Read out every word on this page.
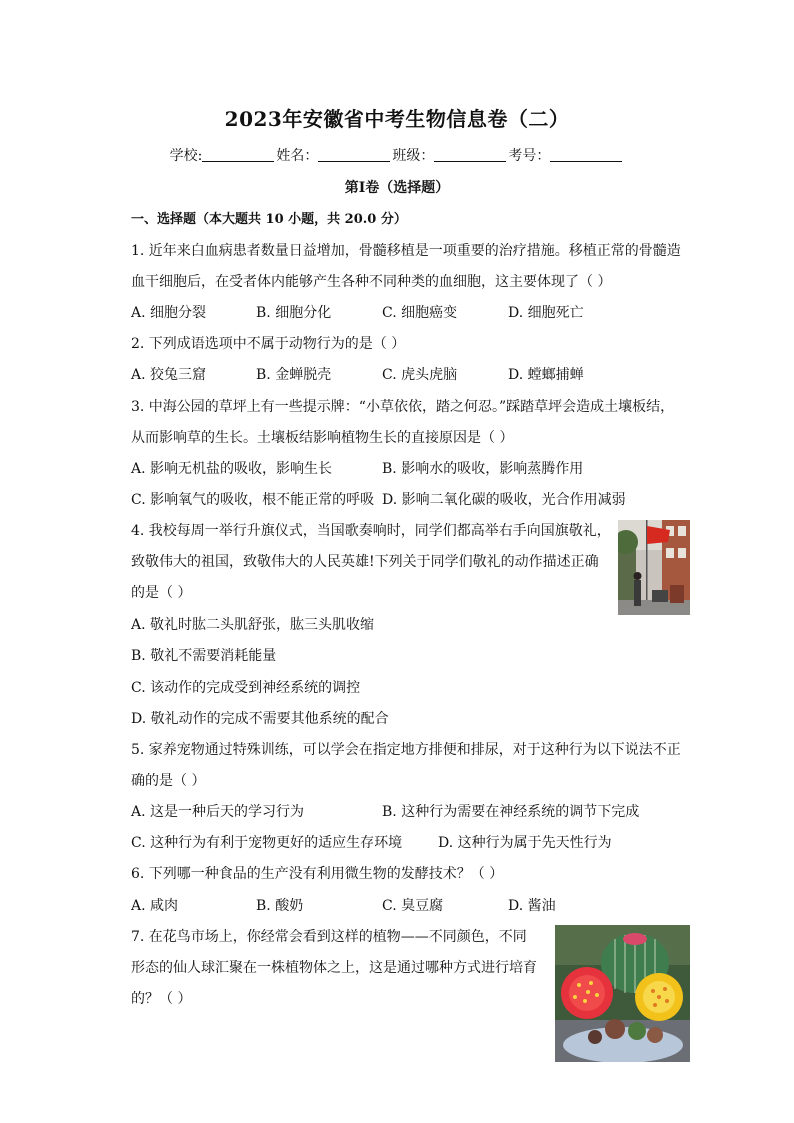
2023年安徽省中考生物信息卷（二）
学校:	姓名：	班级：	考号：
第Ⅰ卷（选择题）
一、选择题（本大题共 10 小题，共 20.0 分）
1. 近年来白血病患者数量日益增加，骨髓移植是一项重要的治疗措施。移植正常的骨髓造
血干细胞后，在受者体内能够产生各种不同种类的血细胞，这主要体现了（ ）
A. 细胞分裂	B. 细胞分化	C. 细胞癌变	D. 细胞死亡
2. 下列成语选项中不属于动物行为的是（ ）
A. 狡兔三窟	B. 金蝉脱壳	C. 虎头虎脑	D. 螳螂捕蝉
3. 中海公园的草坪上有一些提示牌：“小草依依，踏之何忍。”踩踏草坪会造成土壤板结，
从而影响草的生长。土壤板结影响植物生长的直接原因是（ ）
A. 影响无机盐的吸收，影响生长	B. 影响水的吸收，影响蒸腾作用
C. 影响氧气的吸收，根不能正常的呼吸 D. 影响二氧化碳的吸收，光合作用减弱
4. 我校每周一举行升旗仪式，当国歌奏响时，同学们都高举右手向国旗敬礼，
致敬伟大的祖国，致敬伟大的人民英雄!下列关于同学们敬礼的动作描述正确
的是（ ）
A. 敬礼时肱二头肌舒张，肱三头肌收缩
B. 敬礼不需要消耗能量
C. 该动作的完成受到神经系统的调控
D. 敬礼动作的完成不需要其他系统的配合
5. 家养宠物通过特殊训练，可以学会在指定地方排便和排尿，对于这种行为以下说法不正
确的是（ ）
A. 这是一种后天的学习行为	B. 这种行为需要在神经系统的调节下完成
C. 这种行为有利于宠物更好的适应生存环境	D. 这种行为属于先天性行为
6. 下列哪一种食品的生产没有利用微生物的发酵技术？（ ）
A. 咸肉	B. 酸奶	C. 臭豆腐	D. 酱油
7. 在花鸟市场上，你经常会看到这样的植物——不同颜色，不同
形态的仙人球汇聚在一株植物体之上，这是通过哪种方式进行培育
的？（ ）
